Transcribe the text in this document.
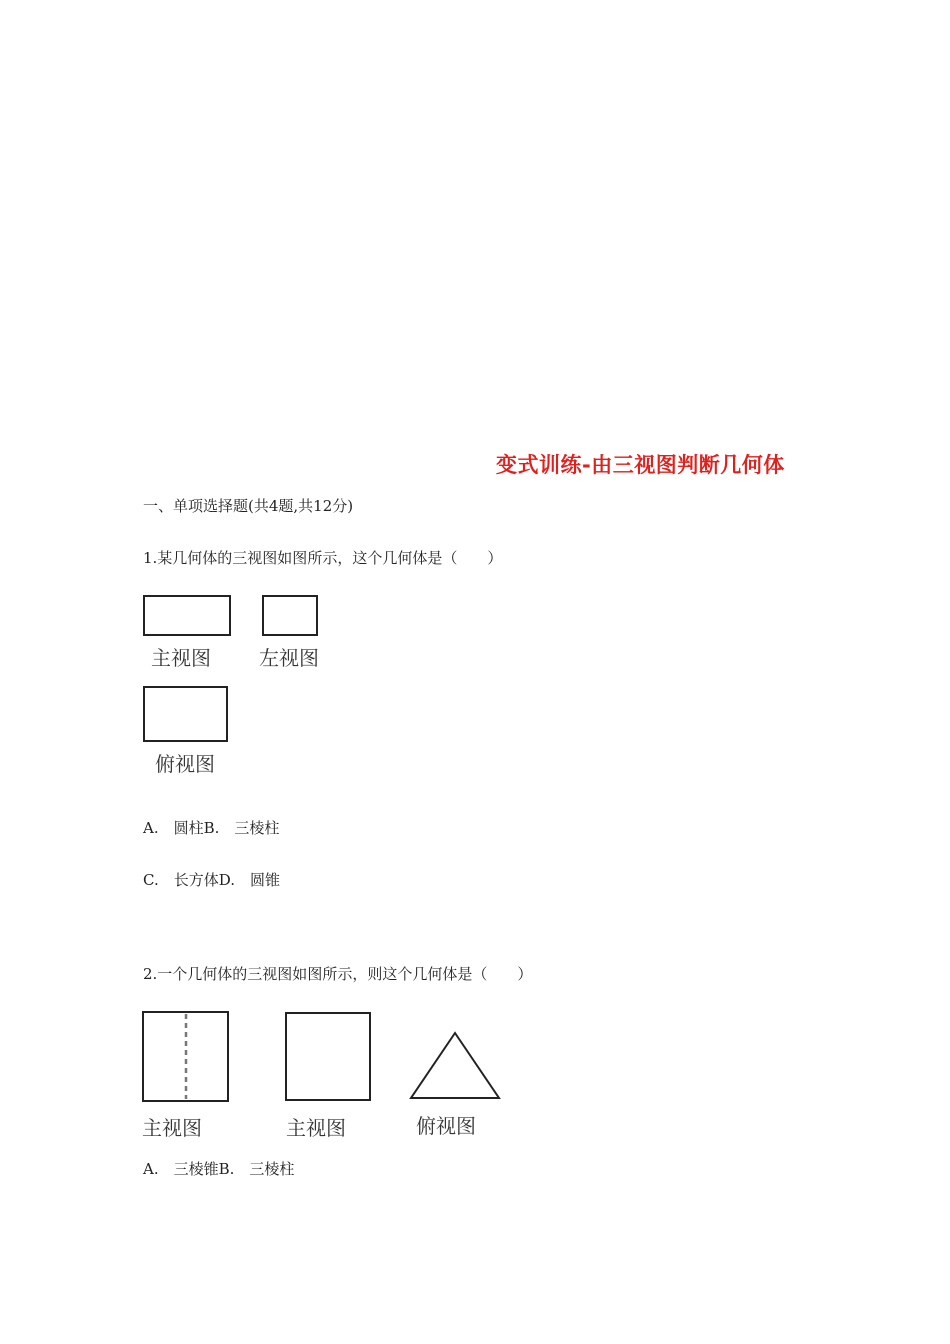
变式训练-由三视图判断几何体
一、单项选择题(共4题,共12分)
1.某几何体的三视图如图所示，这个几何体是（　　）
主视图 左视图
俯视图
A.　圆柱B.　三棱柱
C.　长方体D.　圆锥
2.一个几何体的三视图如图所示，则这个几何体是（　　）
主视图	主视图	俯视图
A.　三棱锥B.　三棱柱
